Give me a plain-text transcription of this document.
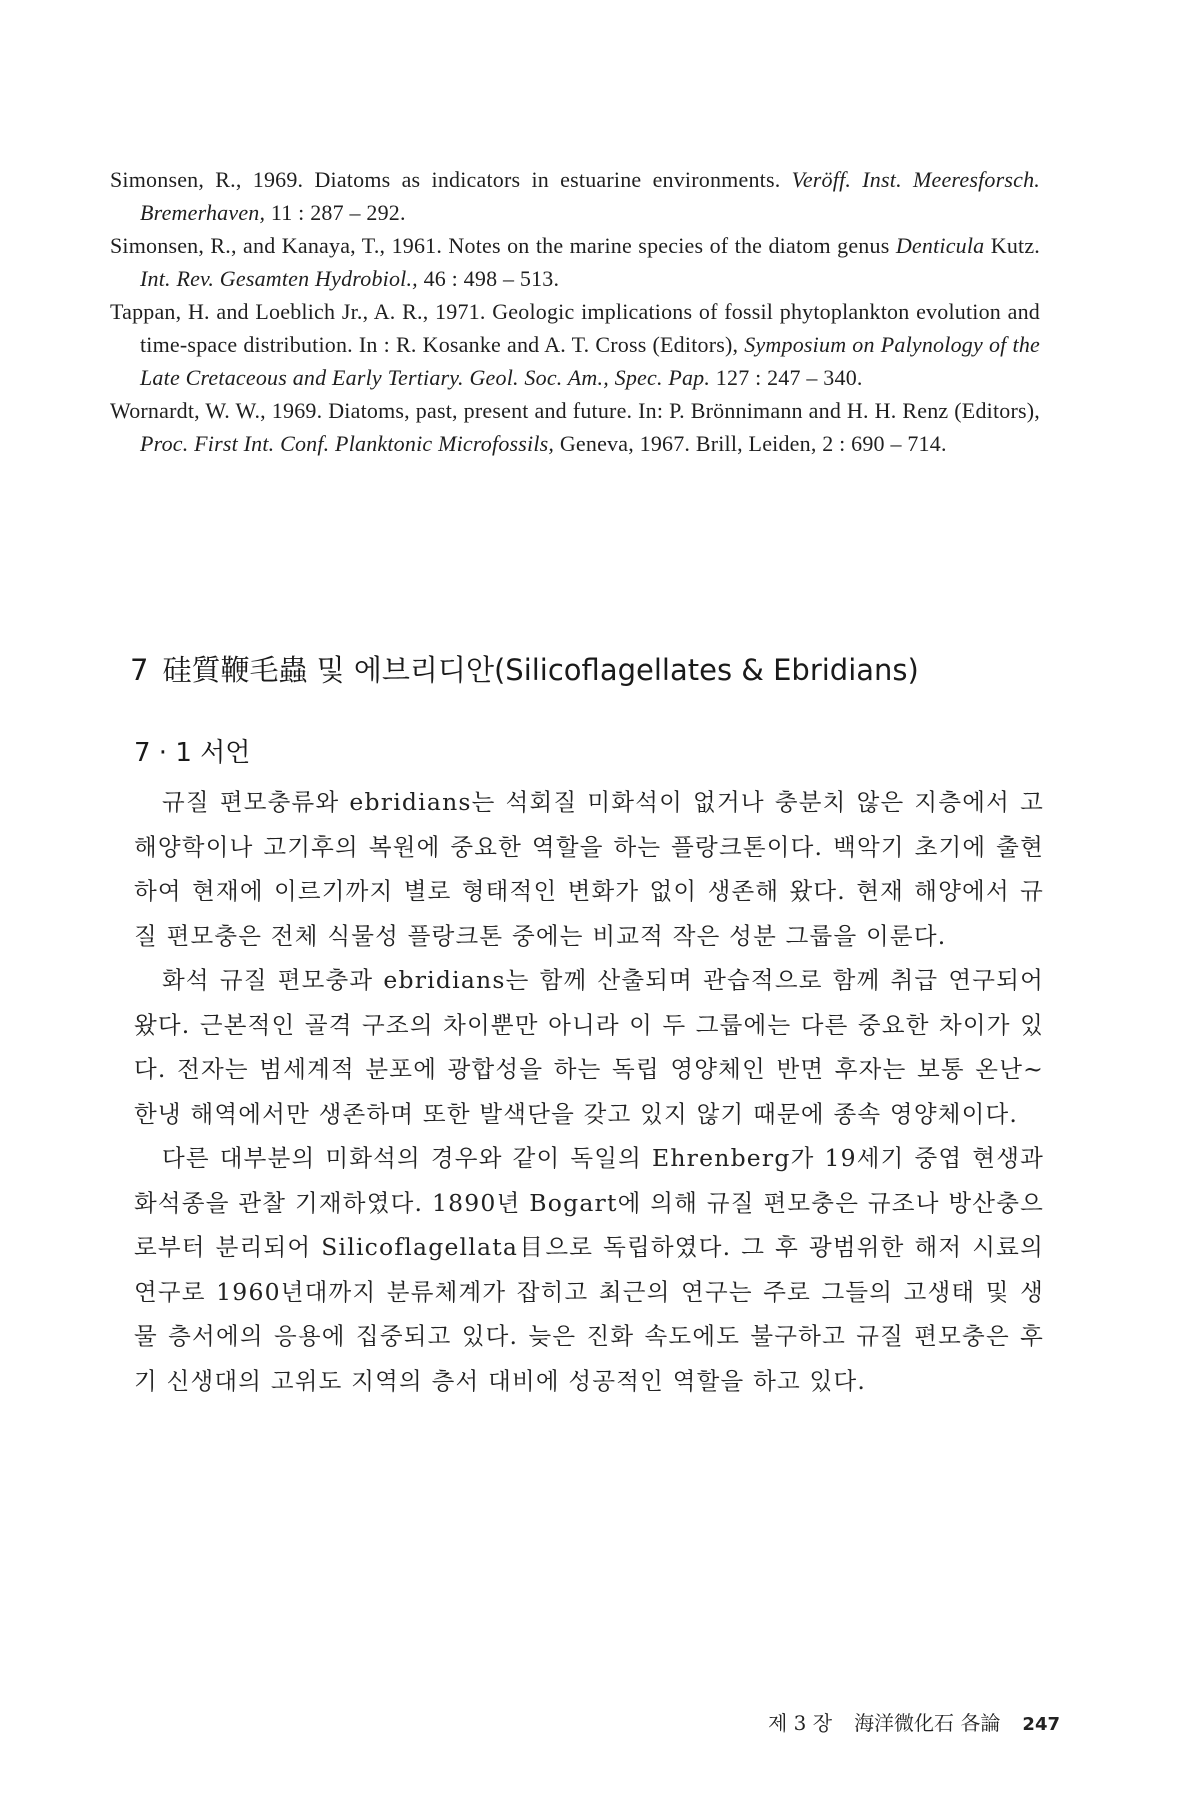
Simonsen, R., 1969. Diatoms as indicators in estuarine environments. Veröff. Inst. Meeresforsch. Bremerhaven, 11 : 287 – 292.
Simonsen, R., and Kanaya, T., 1961. Notes on the marine species of the diatom genus Denticula Kutz. Int. Rev. Gesamten Hydrobiol., 46 : 498 – 513.
Tappan, H. and Loeblich Jr., A. R., 1971. Geologic implications of fossil phytoplankton evolution and time-space distribution. In : R. Kosanke and A. T. Cross (Editors), Symposium on Palynology of the Late Cretaceous and Early Tertiary. Geol. Soc. Am., Spec. Pap. 127 : 247 – 340.
Wornardt, W. W., 1969. Diatoms, past, present and future. In: P. Brönnimann and H. H. Renz (Editors), Proc. First Int. Conf. Planktonic Microfossils, Geneva, 1967. Brill, Leiden, 2 : 690 – 714.
7 硅質鞭毛蟲 및 에브리디안(Silicoflagellates & Ebridians)
7 · 1 서언

규질 편모충류와 ebridians는 석회질 미화석이 없거나 충분치 않은 지층에서 고해양학이나 고기후의 복원에 중요한 역할을 하는 플랑크톤이다. 백악기 초기에 출현하여 현재에 이르기까지 별로 형태적인 변화가 없이 생존해 왔다. 현재 해양에서 규질 편모충은 전체 식물성 플랑크톤 중에는 비교적 작은 성분 그룹을 이룬다.

화석 규질 편모충과 ebridians는 함께 산출되며 관습적으로 함께 취급 연구되어 왔다. 근본적인 골격 구조의 차이뿐만 아니라 이 두 그룹에는 다른 중요한 차이가 있다. 전자는 범세계적 분포에 광합성을 하는 독립 영양체인 반면 후자는 보통 온난~한냉 해역에서만 생존하며 또한 발색단을 갖고 있지 않기 때문에 종속 영양체이다.

다른 대부분의 미화석의 경우와 같이 독일의 Ehrenberg가 19세기 중엽 현생과 화석종을 관찰 기재하였다. 1890년 Bogart에 의해 규질 편모충은 규조나 방산충으로부터 분리되어 Silicoflagellata目으로 독립하였다. 그 후 광범위한 해저 시료의 연구로 1960년대까지 분류체계가 잡히고 최근의 연구는 주로 그들의 고생태 및 생물 층서에의 응용에 집중되고 있다. 늦은 진화 속도에도 불구하고 규질 편모충은 후기 신생대의 고위도 지역의 층서 대비에 성공적인 역할을 하고 있다.

제 3 장 海洋微化石 各論 247
